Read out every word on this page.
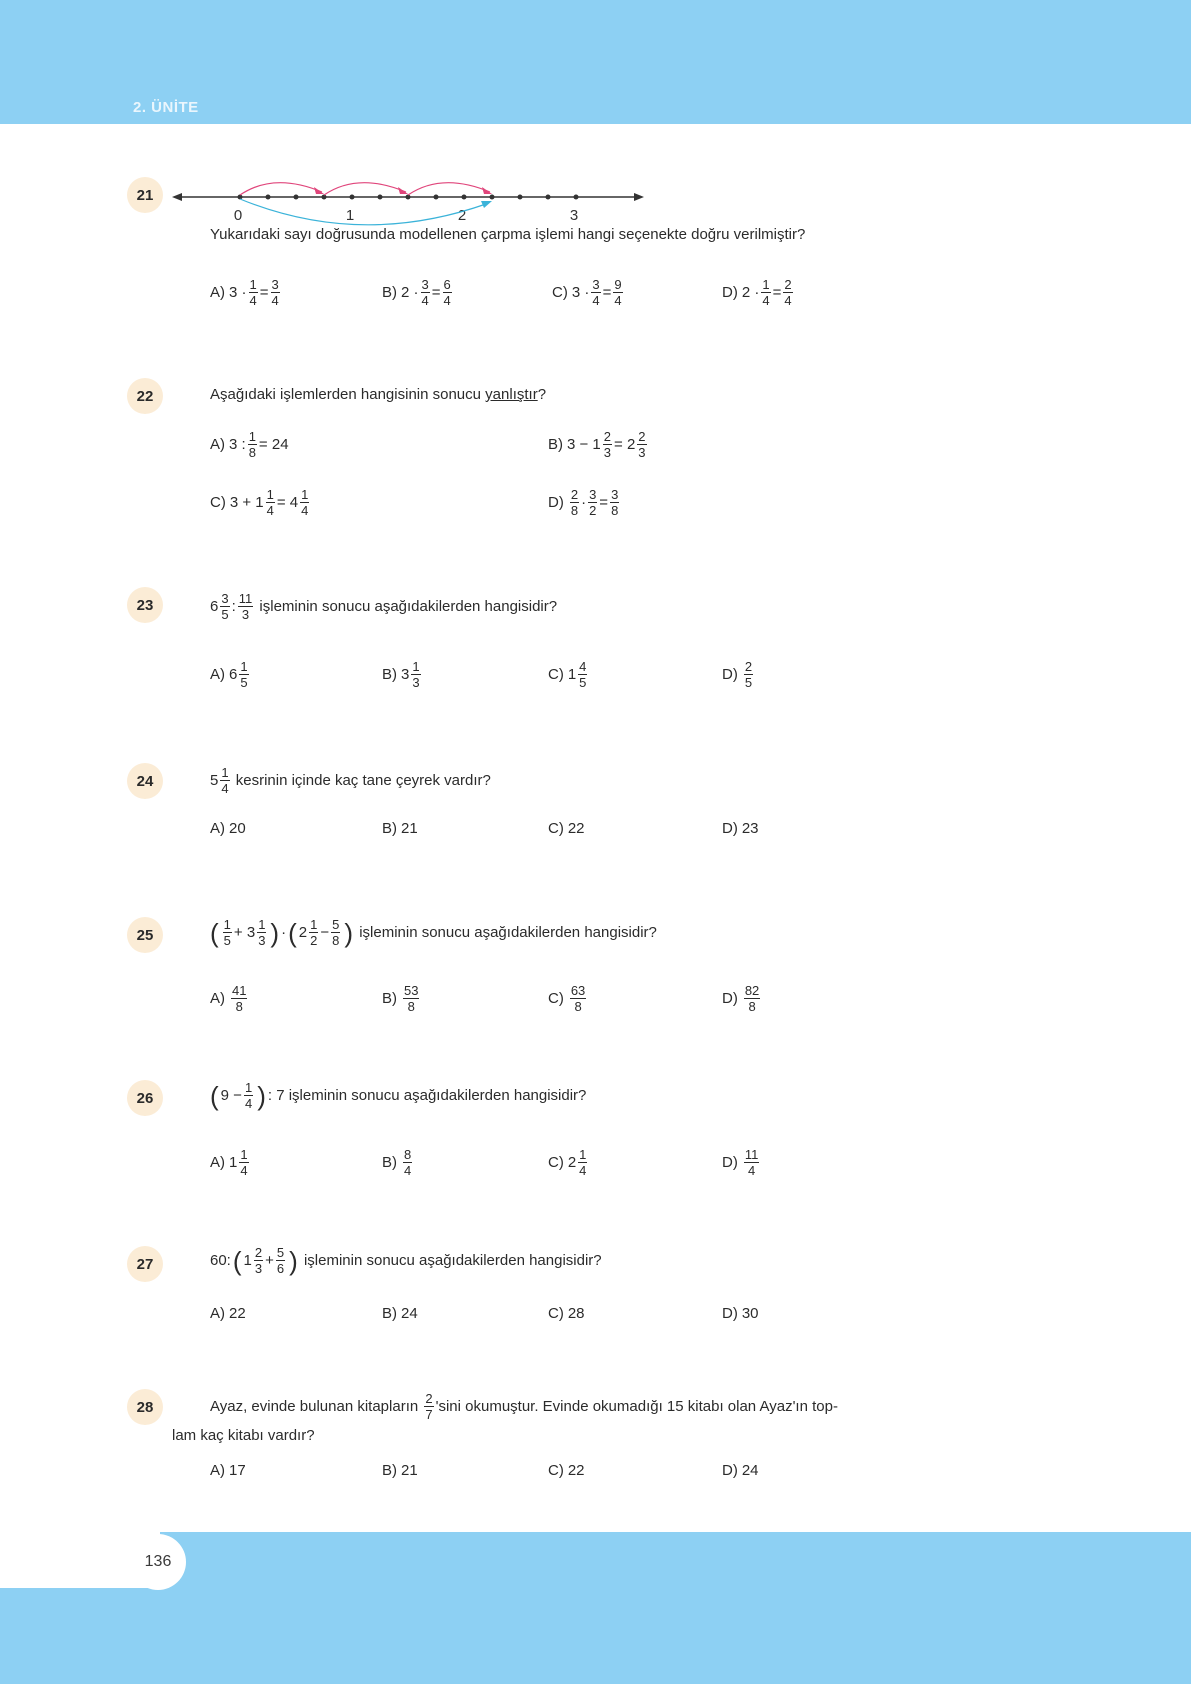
2. ÜNİTE
21
0	1	2	3
Yukarıdaki sayı doğrusunda modellenen çarpma işlemi hangi seçenekte doğru verilmiştir?
A) $3 \cdot \frac{1}{4} = \frac{3}{4}$	B) $2 \cdot \frac{3}{4} = \frac{6}{4}$	C) $3 \cdot \frac{3}{4} = \frac{9}{4}$	D) $2 \cdot \frac{1}{4} = \frac{2}{4}$
22	Aşağıdaki işlemlerden hangisinin sonucu
yanlıştır ?
A) 3 : $\frac{1}{8} = 24$	B) $3 - 1 \frac{2}{3} = 2 \frac{2}{3}$
C) $3 + 1 \frac{1}{4} = 4 \frac{1}{4}$	$D) \frac{2}{8} \cdot \frac{3}{2} = \frac{3}{8}$
23	$6 \frac{3}{5}$ : $\frac{11}{3}$
işleminin sonucu aşağıdakilerden hangisidir?
A) $6 \frac{1}{5}$	B) $3 \frac{1}{3}$	C) $1 \frac{4}{5}$	$D) \frac{2}{5}$
24	$5 \frac{1}{4}$
kesrinin içinde kaç tane çeyrek vardır?
A) 20	B) 21	C) 22	D) 23
25	( $\frac{1}{5} + 3 \frac{1}{3}$ ) · ( $2 \frac{1}{2} - \frac{5}{8}$ )
işleminin sonucu aşağıdakilerden hangisidir?
$A) \frac{41}{8}$	$B) \frac{53}{8}$	$C) \frac{63}{8}$	$D) \frac{82}{8}$
26	( $9 - \frac{1}{4}$ ) : 7
işleminin sonucu aşağıdakilerden hangisidir?
A) $1 \frac{1}{4}$	$B) \frac{8}{4}$	C) $2 \frac{1}{4}$	$D) \frac{11}{4}$
27	60: ( $1 \frac{2}{3} + \frac{5}{6}$ )
işleminin sonucu aşağıdakilerden hangisidir?
A) 22	B) 24	C) 28	D) 30
28	Ayaz, evinde bulunan kitapların
$\frac{2}{7}$ 'sini okumuştur. Evinde okumadığı 15 kitabı olan Ayaz'ın top-
lam kaç kitabı vardır?
A) 17	B) 21	C) 22	D) 24
136
